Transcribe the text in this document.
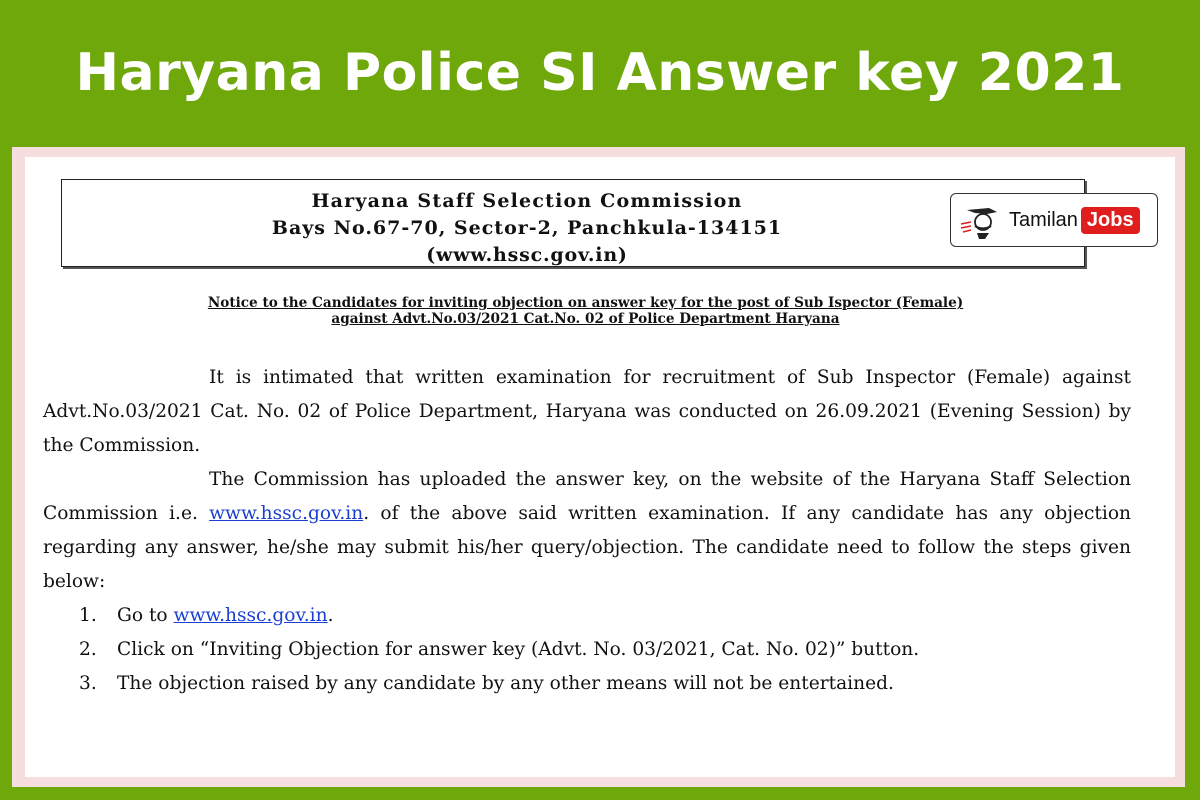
Haryana Police SI Answer key 2021
Haryana Staff Selection Commission
Bays No.67-70, Sector-2, Panchkula-134151
(www.hssc.gov.in)
Tamilan Jobs
Notice to the Candidates for inviting objection on answer key for the post of Sub Ispector (Female)
against Advt.No.03/2021 Cat.No. 02 of Police Department Haryana
It is intimated that written examination for recruitment of Sub Inspector (Female) against Advt.No.03/2021 Cat. No. 02 of Police Department, Haryana was conducted on 26.09.2021 (Evening Session) by the Commission.
The Commission has uploaded the answer key, on the website of the Haryana Staff Selection Commission i.e. www.hssc.gov.in. of the above said written examination. If any candidate has any objection regarding any answer, he/she may submit his/her query/objection. The candidate need to follow the steps given below:
1. Go to www.hssc.gov.in.
2. Click on “Inviting Objection for answer key (Advt. No. 03/2021, Cat. No. 02)” button.
3. The objection raised by any candidate by any other means will not be entertained.
